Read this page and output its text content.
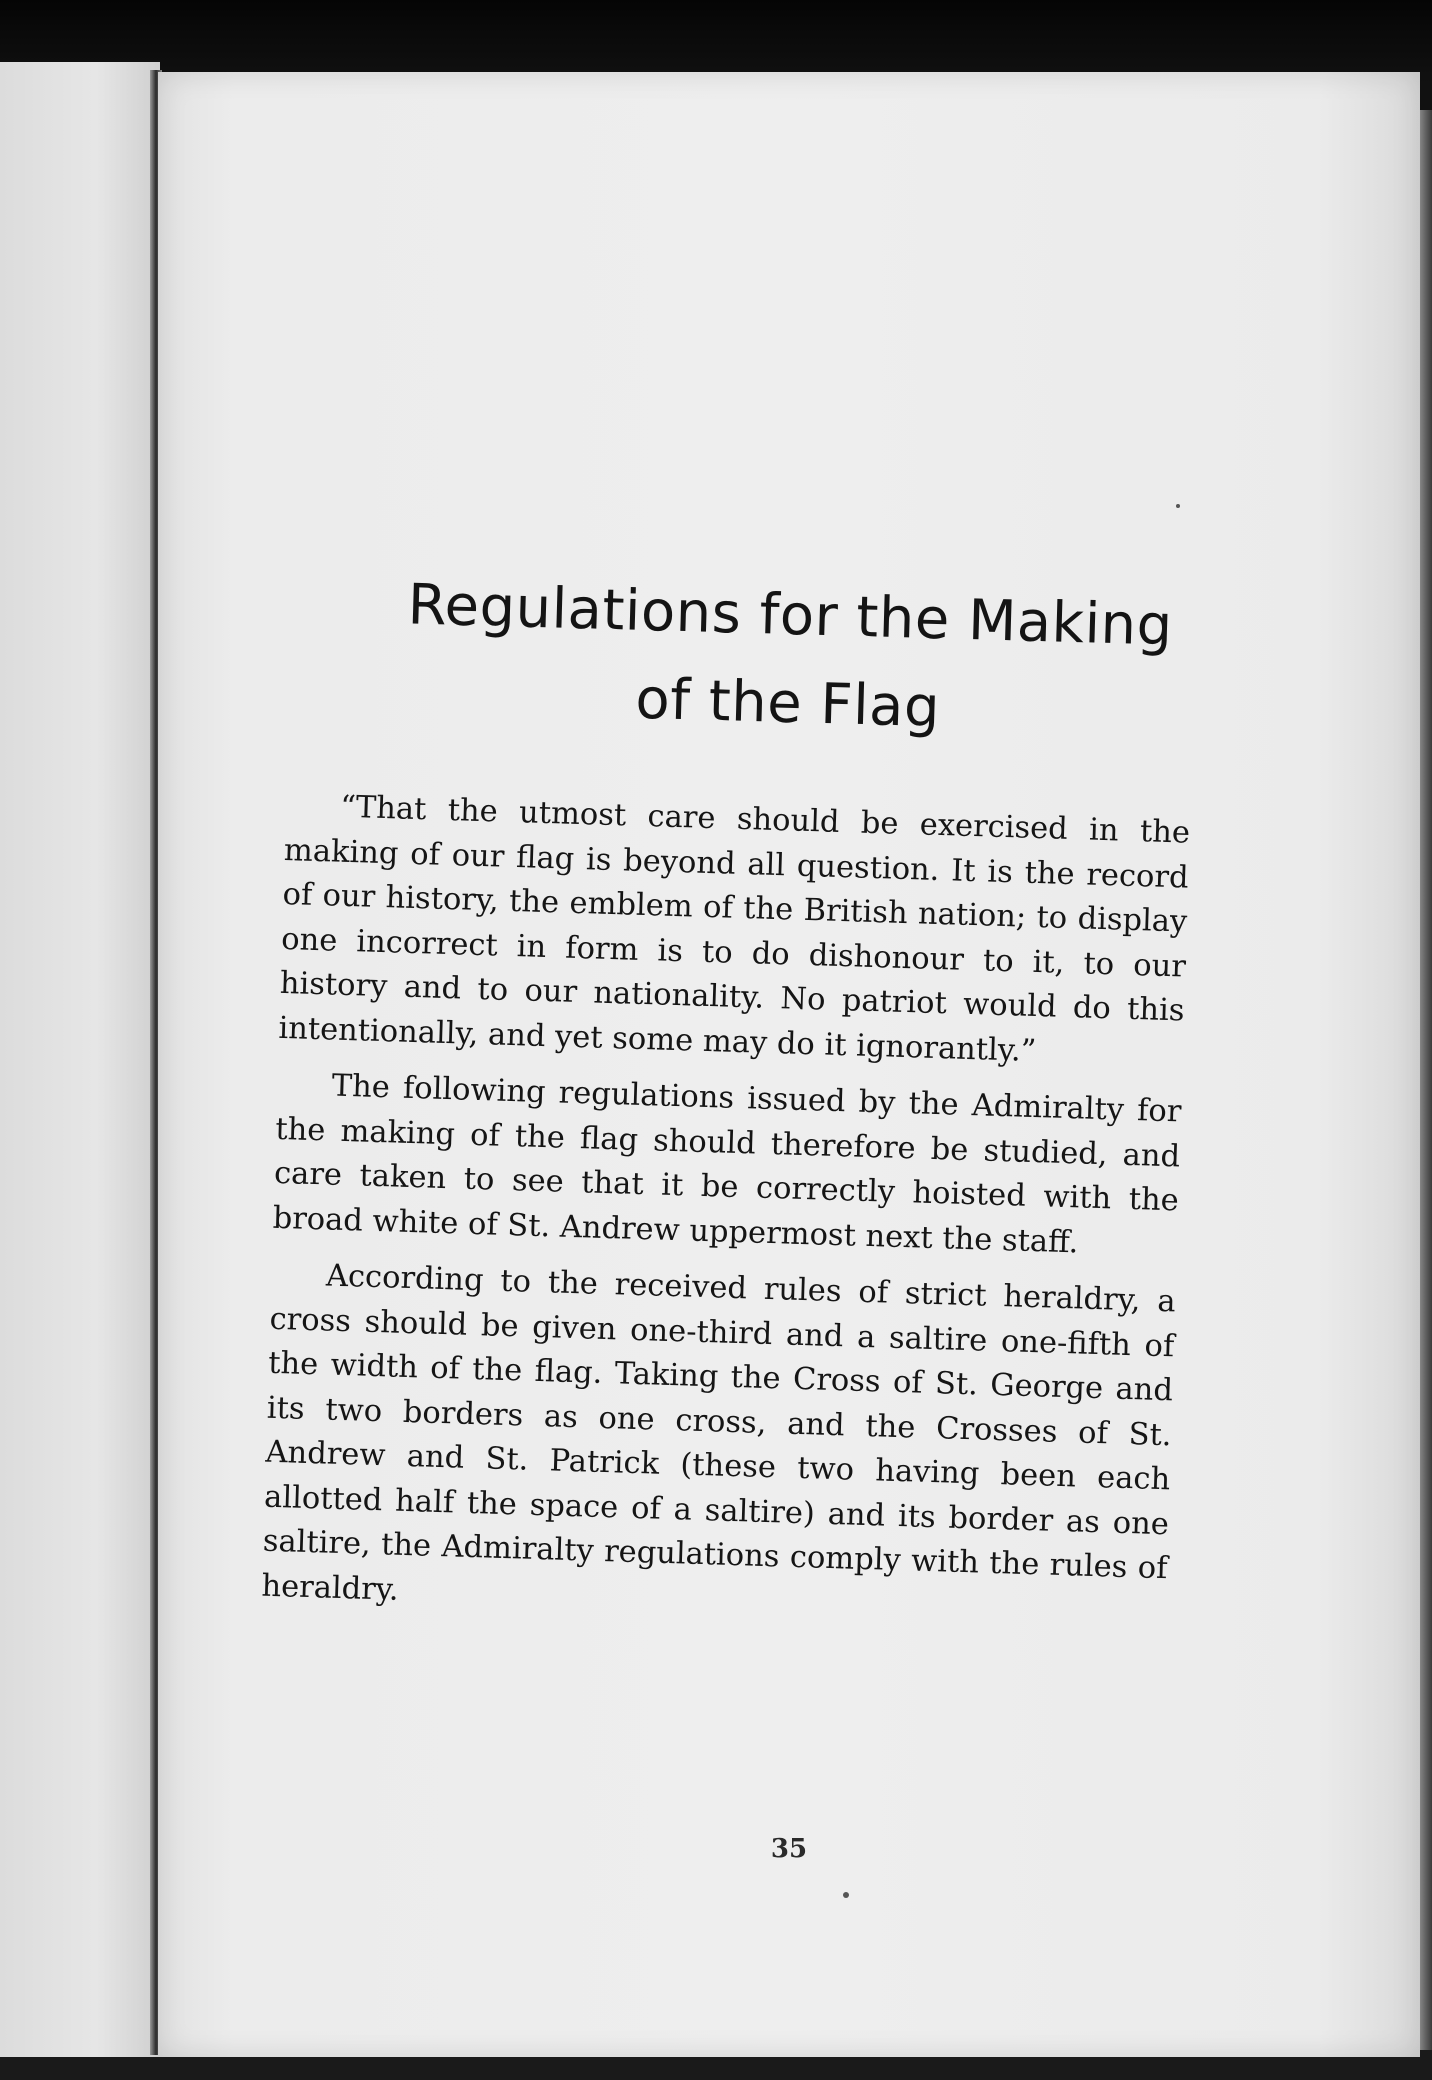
Regulations for the Making
of the Flag

“That the utmost care should be exercised in the making of our flag is beyond all question. It is the record of our history, the emblem of the British nation; to display one incorrect in form is to do dishonour to it, to our history and to our nationality. No patriot would do this intentionally, and yet some may do it ignorantly.”

The following regulations issued by the Admiralty for the making of the flag should therefore be studied, and care taken to see that it be correctly hoisted with the broad white of St. Andrew uppermost next the staff.

According to the received rules of strict heraldry, a cross should be given one-third and a saltire one-fifth of the width of the flag. Taking the Cross of St. George and its two borders as one cross, and the Crosses of St. Andrew and St. Patrick (these two having been each allotted half the space of a saltire) and its border as one saltire, the Admiralty regulations comply with the rules of heraldry.

35
